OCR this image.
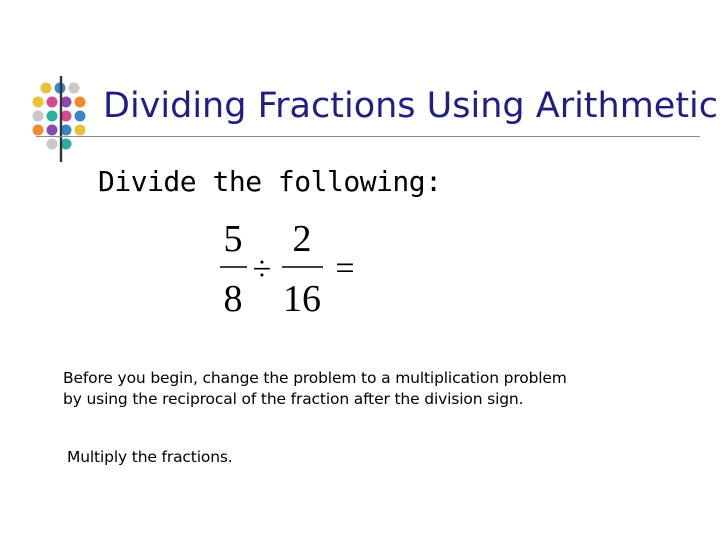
Dividing Fractions Using Arithmetic
Divide the following:
5
8
÷
2
16
=
Before you begin, change the problem to a multiplication problem
by using the reciprocal of the fraction after the division sign.
Multiply the fractions.
